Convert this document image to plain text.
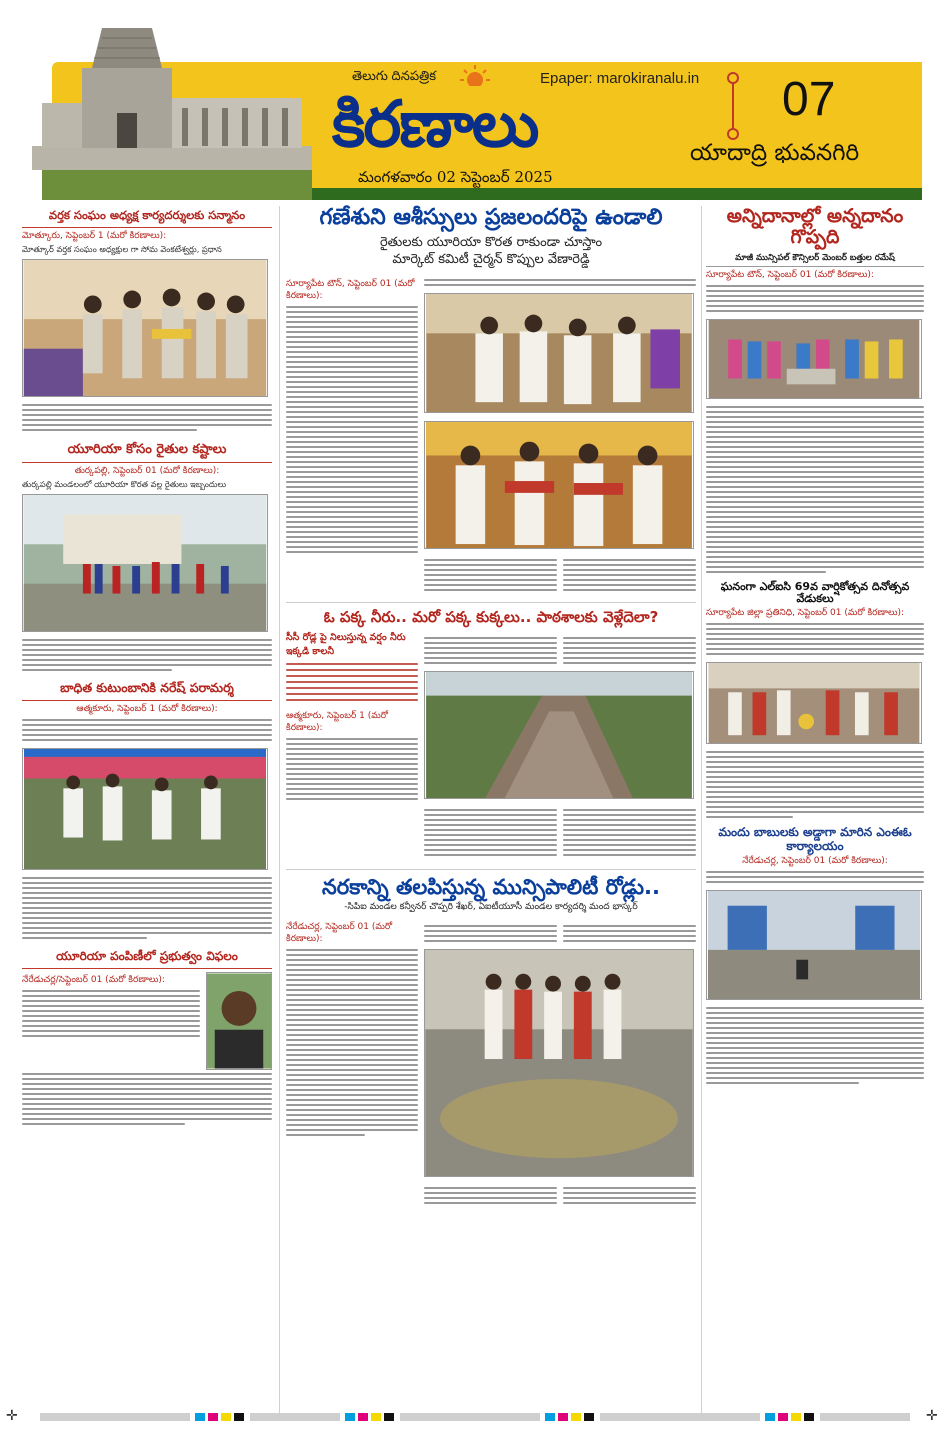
తెలుగు దినపత్రిక	Epaper: marokiranalu.in
కిరణాలు	07
యాదాద్రి భువనగిరి
మంగళవారం 02 సెప్టెంబర్ 2025
వర్తక సంఘం అధ్యక్ష కార్యదర్శులకు సన్మానం
మోత్కూరు, సెప్టెంబర్ 1 (మరో కిరణాలు):
మోత్కూర్ వర్తక సంఘం అధ్యక్షుల గా సోమ వెంకటేశ్వర్లు, ప్రధాన
యూరియా కోసం రైతుల కష్టాలు
తుర్కపల్లి, సెప్టెంబర్ 01 (మరో కిరణాలు):
తుర్కపల్లి మండలంలో యూరియా కొరత వల్ల రైతులు ఇబ్బందులు
బాధిత కుటుంబానికి నరేష్ పరామర్శ
ఆత్మకూరు, సెప్టెంబర్ 1 (మరో కిరణాలు):
యూరియా పంపిణీలో ప్రభుత్వం విఫలం
నేరేడుచర్ల/సెప్టెంబర్ 01 (మరో కిరణాలు):
గణేశుని ఆశీస్సులు ప్రజలందరిపై ఉండాలి
రైతులకు యూరియా కొరత రాకుండా చూస్తాం
మార్కెట్ కమిటీ చైర్మన్ కొప్పుల వేణారెడ్డి
సూర్యాపేట టౌన్, సెప్టెంబర్ 01 (మరో కిరణాలు):

ఓ పక్క నీరు.. మరో పక్క కుక్కలు.. పాఠశాలకు వెళ్లేదెలా?
సీసీ రోడ్ల పై నిలుస్తున్న వర్షం నీరు ఇక్కడి కాలనీ
ఆత్మకూరు, సెప్టెంబర్ 1 (మరో కిరణాలు):
నరకాన్ని తలపిస్తున్న మున్సిపాలిటీ రోడ్లు..
-సిపిఐ మండల కన్వీనర్ చొప్పరి శేఖర్, ఏఐటీయూసీ మండల కార్యదర్శి మంద భాస్కర్
నేరేడుచర్ల, సెప్టెంబర్ 01 (మరో కిరణాలు):
అన్నిదానాల్లో అన్నదానం గొప్పది
మాజీ మున్సిపల్ కౌన్సిలర్ మెంబర్ బత్తుల రమేష్
సూర్యాపేట టౌన్, సెప్టెంబర్ 01 (మరో కిరణాలు):
ఘనంగా ఎల్ఐసి 69వ వార్షికోత్సవ దినోత్సవ వేడుకలు
సూర్యాపేట జిల్లా ప్రతినిధి, సెప్టెంబర్ 01 (మరో కిరణాలు):
మందు బాబులకు అడ్డాగా మారిన ఎంఈఓ కార్యాలయం
నేరేడుచర్ల, సెప్టెంబర్ 01 (మరో కిరణాలు):
✛	✛
